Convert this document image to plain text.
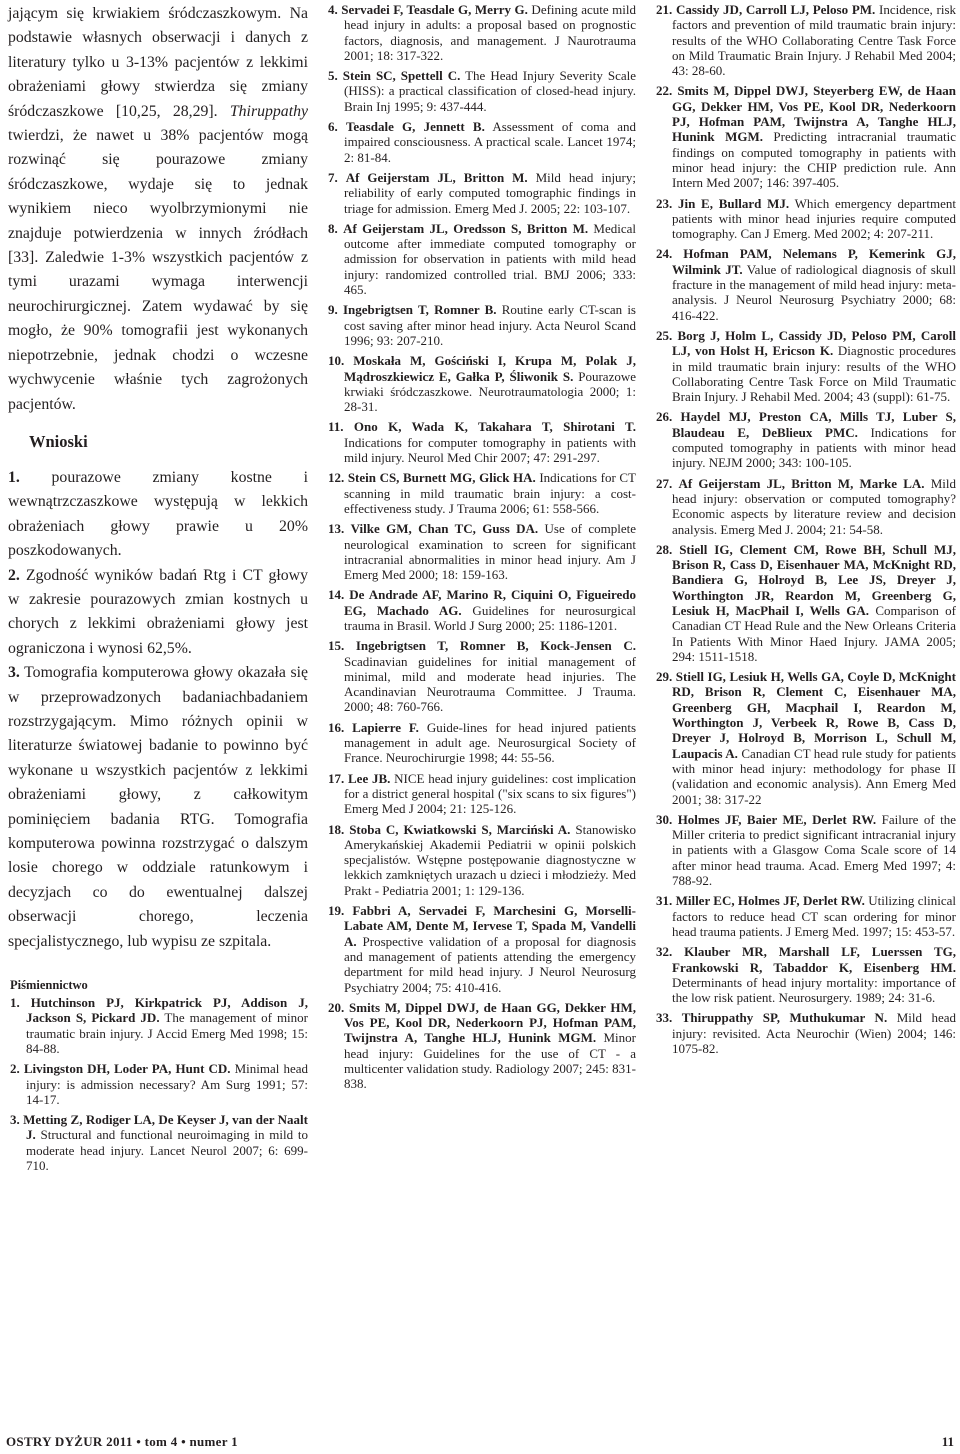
jającym się krwiakiem śródczaszkowym. Na podstawie własnych obserwacji i danych z literatury tylko u 3-13% pacjentów z lekkimi obrażeniami głowy stwierdza się zmiany śródczaszkowe [10,25, 28,29]. Thiruppathy twierdzi, że nawet u 38% pacjentów mogą rozwinąć się pourazowe zmiany śródczaszkowe, wydaje się to jednak wynikiem nieco wyolbrzymionymi nie znajduje potwierdzenia w innych źródłach [33]. Zaledwie 1-3% wszystkich pacjentów z tymi urazami wymaga interwencji neurochirurgicznej. Zatem wydawać by się mogło, że 90% tomografii jest wykonanych niepotrzebnie, jednak chodzi o wczesne wychwycenie właśnie tych zagrożonych pacjentów.

Wnioski

1. pourazowe zmiany kostne i wewnątrzczaszkowe występują w lekkich obrażeniach głowy prawie u 20% poszkodowanych.

2. Zgodność wyników badań Rtg i CT głowy w zakresie pourazowych zmian kostnych u chorych z lekkimi obrażeniami głowy jest ograniczona i wynosi 62,5%.

3. Tomografia komputerowa głowy okazała się w przeprowadzonych badaniachbadaniem rozstrzygającym. Mimo różnych opinii w literaturze światowej badanie to powinno być wykonane u wszystkich pacjentów z lekkimi obrażeniami głowy, z całkowitym pominięciem badania RTG. Tomografia komputerowa powinna rozstrzygać o dalszym losie chorego w oddziale ratunkowym i decyzjach co do ewentualnej dalszej obserwacji chorego, leczenia specjalistycznego, lub wypisu ze szpitala.

Piśmiennictwo
1. Hutchinson PJ, Kirkpatrick PJ, Addison J, Jackson S, Pickard JD. The management of minor traumatic brain injury. J Accid Emerg Med 1998; 15: 84-88.
2. Livingston DH, Loder PA, Hunt CD. Minimal head injury: is admission necessary? Am Surg 1991; 57: 14-17.
3. Metting Z, Rodiger LA, De Keyser J, van der Naalt J. Structural and functional neuroimaging in mild to moderate head injury. Lancet Neurol 2007; 6: 699-710.
4. Servadei F, Teasdale G, Merry G. Defining acute mild head injury in adults: a proposal based on prognostic factors, diagnosis, and management. J Naurotrauma 2001; 18: 317-322.
5. Stein SC, Spettell C. The Head Injury Severity Scale (HISS): a practical classification of closed-head injury. Brain Inj 1995; 9: 437-444.
6. Teasdale G, Jennett B. Assessment of coma and impaired consciousness. A practical scale. Lancet 1974; 2: 81-84.
7. Af Geijerstam JL, Britton M. Mild head injury; reliability of early computed tomographic findings in triage for admission. Emerg Med J. 2005; 22: 103-107.
8. Af Geijerstam JL, Oredsson S, Britton M. Medical outcome after immediate computed tomography or admission for observation in patients with mild head injury: randomized controlled trial. BMJ 2006; 333: 465.
9. Ingebrigtsen T, Romner B. Routine early CT-scan is cost saving after minor head injury. Acta Neurol Scand 1996; 93: 207-210.
10. Moskała M, Gościński I, Krupa M, Polak J, Mądroszkiewicz E, Gałka P, Śliwonik S. Pourazowe krwiaki śródczaszkowe. Neurotraumatologia 2000; 1: 28-31.
11. Ono K, Wada K, Takahara T, Shirotani T. Indications for computer tomography in patients with mild injury. Neurol Med Chir 2007; 47: 291-297.
12. Stein CS, Burnett MG, Glick HA. Indications for CT scanning in mild traumatic brain injury: a cost-effectiveness study. J Trauma 2006; 61: 558-566.
13. Vilke GM, Chan TC, Guss DA. Use of complete neurological examination to screen for significant intracranial abnormalities in minor head injury. Am J Emerg Med 2000; 18: 159-163.
14. De Andrade AF, Marino R, Ciquini O, Figueiredo EG, Machado AG. Guidelines for neurosurgical trauma in Brasil. World J Surg 2000; 25: 1186-1201.
15. Ingebrigtsen T, Romner B, Kock-Jensen C. Scadinavian guidelines for initial management of minimal, mild and moderate head injuries. The Acandinavian Neurotrauma Committee. J Trauma. 2000; 48: 760-766.
16. Lapierre F. Guide-lines for head injured patients management in adult age. Neurosurgical Society of France. Neurochirurgie 1998; 44: 55-56.
17. Lee JB. NICE head injury guidelines: cost implication for a district general hospital ("six scans to six figures") Emerg Med J 2004; 21: 125-126.
18. Stoba C, Kwiatkowski S, Marciński A. Stanowisko Amerykańskiej Akademii Pediatrii w opinii polskich specjalistów. Wstępne postępowanie diagnostyczne w lekkich zamkniętych urazach u dzieci i młodzieży. Med Prakt - Pediatria 2001; 1: 129-136.
19. Fabbri A, Servadei F, Marchesini G, Morselli-Labate AM, Dente M, Iervese T, Spada M, Vandelli A. Prospective validation of a proposal for diagnosis and management of patients attending the emergency department for mild head injury. J Neurol Neurosurg Psychiatry 2004; 75: 410-416.
20. Smits M, Dippel DWJ, de Haan GG, Dekker HM, Vos PE, Kool DR, Nederkoorn PJ, Hofman PAM, Twijnstra A, Tanghe HLJ, Hunink MGM. Minor head injury: Guidelines for the use of CT - a multicenter validation study. Radiology 2007; 245: 831-838.
21. Cassidy JD, Carroll LJ, Peloso PM. Incidence, risk factors and prevention of mild traumatic brain injury: results of the WHO Collaborating Centre Task Force on Mild Traumatic Brain Injury. J Rehabil Med 2004; 43: 28-60.
22. Smits M, Dippel DWJ, Steyerberg EW, de Haan GG, Dekker HM, Vos PE, Kool DR, Nederkoorn PJ, Hofman PAM, Twijnstra A, Tanghe HLJ, Hunink MGM. Predicting intracranial traumatic findings on computed tomography in patients with minor head injury: the CHIP prediction rule. Ann Intern Med 2007; 146: 397-405.
23. Jin E, Bullard MJ. Which emergency department patients with minor head injuries require computed tomography. Can J Emerg. Med 2002; 4: 207-211.
24. Hofman PAM, Nelemans P, Kemerink GJ, Wilmink JT. Value of radiological diagnosis of skull fracture in the management of mild head injury: meta-analysis. J Neurol Neurosurg Psychiatry 2000; 68: 416-422.
25. Borg J, Holm L, Cassidy JD, Peloso PM, Caroll LJ, von Holst H, Ericson K. Diagnostic procedures in mild traumatic brain injury: results of the WHO Collaborating Centre Task Force on Mild Traumatic Brain Injury. J Rehabil Med. 2004; 43 (suppl): 61-75.
26. Haydel MJ, Preston CA, Mills TJ, Luber S, Blaudeau E, DeBlieux PMC. Indications for computed tomography in patients with minor head injury. NEJM 2000; 343: 100-105.
27. Af Geijerstam JL, Britton M, Marke LA. Mild head injury: observation or computed tomography? Economic aspects by literature review and decision analysis. Emerg Med J. 2004; 21: 54-58.
28. Stiell IG, Clement CM, Rowe BH, Schull MJ, Brison R, Cass D, Eisenhauer MA, McKnight RD, Bandiera G, Holroyd B, Lee JS, Dreyer J, Worthington JR, Reardon M, Greenberg G, Lesiuk H, MacPhail I, Wells GA. Comparison of Canadian CT Head Rule and the New Orleans Criteria In Patients With Minor Haed Injury. JAMA 2005; 294: 1511-1518.
29. Stiell IG, Lesiuk H, Wells GA, Coyle D, McKnight RD, Brison R, Clement C, Eisenhauer MA, Greenberg GH, Macphail I, Reardon M, Worthington J, Verbeek R, Rowe B, Cass D, Dreyer J, Holroyd B, Morrison L, Schull M, Laupacis A. Canadian CT head rule study for patients with minor head injury: methodology for phase II (validation and economic analysis). Ann Emerg Med 2001; 38: 317-22
30. Holmes JF, Baier ME, Derlet RW. Failure of the Miller criteria to predict significant intracranial injury in patients with a Glasgow Coma Scale score of 14 after minor head trauma. Acad. Emerg Med 1997; 4: 788-92.
31. Miller EC, Holmes JF, Derlet RW. Utilizing clinical factors to reduce head CT scan ordering for minor head trauma patients. J Emerg Med. 1997; 15: 453-57.
32. Klauber MR, Marshall LF, Luerssen TG, Frankowski R, Tabaddor K, Eisenberg HM. Determinants of head injury mortality: importance of the low risk patient. Neurosurgery. 1989; 24: 31-6.
33. Thiruppathy SP, Muthukumar N. Mild head injury: revisited. Acta Neurochir (Wien) 2004; 146: 1075-82.
OSTRY DYŻUR 2011 • tom 4 • numer 1	11
